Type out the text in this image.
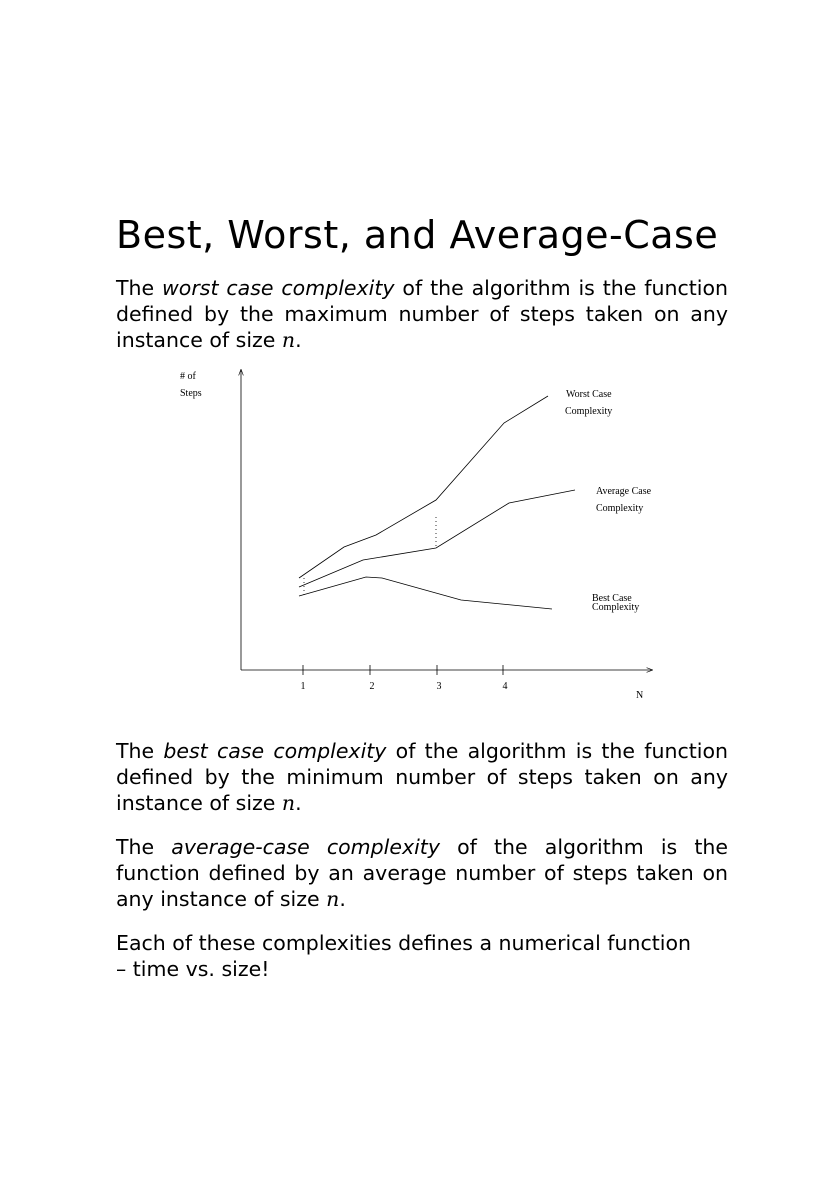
Best, Worst, and Average-Case

The worst case complexity of the algorithm is the function defined by the maximum number of steps taken on any instance of size n.

# of
Steps
1	2	3	4
N
Worst Case
Complexity
Average Case
Complexity
Best Case
Complexity

The best case complexity of the algorithm is the function defined by the minimum number of steps taken on any instance of size n.

The average-case complexity of the algorithm is the function defined by an average number of steps taken on any instance of size n.

Each of these complexities defines a numerical function
– time vs. size!
